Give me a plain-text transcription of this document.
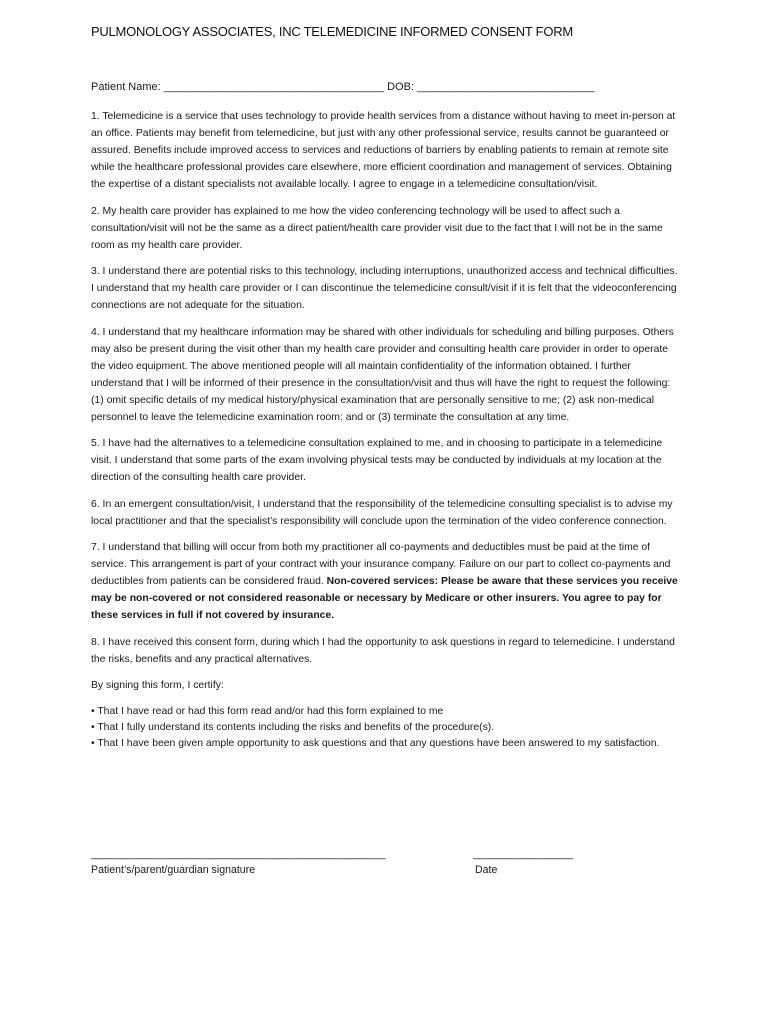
PULMONOLOGY ASSOCIATES, INC TELEMEDICINE INFORMED CONSENT FORM
Patient Name: ____________________________________ DOB: _____________________________

1. Telemedicine is a service that uses technology to provide health services from a distance without having to meet in-person at an office. Patients may benefit from telemedicine, but just with any other professional service, results cannot be guaranteed or assured. Benefits include improved access to services and reductions of barriers by enabling patients to remain at remote site while the healthcare professional provides care elsewhere, more efficient coordination and management of services. Obtaining the expertise of a distant specialists not available locally. I agree to engage in a telemedicine consultation/visit.

2. My health care provider has explained to me how the video conferencing technology will be used to affect such a consultation/visit will not be the same as a direct patient/health care provider visit due to the fact that I will not be in the same room as my health care provider.

3. I understand there are potential risks to this technology, including interruptions, unauthorized access and technical difficulties. I understand that my health care provider or I can discontinue the telemedicine consult/visit if it is felt that the videoconferencing connections are not adequate for the situation.

4. I understand that my healthcare information may be shared with other individuals for scheduling and billing purposes. Others may also be present during the visit other than my health care provider and consulting health care provider in order to operate the video equipment. The above mentioned people will all maintain confidentiality of the information obtained. I further understand that I will be informed of their presence in the consultation/visit and thus will have the right to request the following: (1) omit specific details of my medical history/physical examination that are personally sensitive to me; (2) ask non-medical personnel to leave the telemedicine examination room: and or (3) terminate the consultation at any time.

5. I have had the alternatives to a telemedicine consultation explained to me, and in choosing to participate in a telemedicine visit. I understand that some parts of the exam involving physical tests may be conducted by individuals at my location at the direction of the consulting health care provider.

6. In an emergent consultation/visit, I understand that the responsibility of the telemedicine consulting specialist is to advise my local practitioner and that the specialist’s responsibility will conclude upon the termination of the video conference connection.

7. I understand that billing will occur from both my practitioner all co-payments and deductibles must be paid at the time of service. This arrangement is part of your contract with your insurance company. Failure on our part to collect co-payments and deductibles from patients can be considered fraud. Non-covered services: Please be aware that these services you receive may be non-covered or not considered reasonable or necessary by Medicare or other insurers. You agree to pay for these services in full if not covered by insurance.

8. I have received this consent form, during which I had the opportunity to ask questions in regard to telemedicine. I understand the risks, benefits and any practical alternatives.

By signing this form, I certify:

• That I have read or had this form read and/or had this form explained to me
• That I fully understand its contents including the risks and benefits of the procedure(s).
• That I have been given ample opportunity to ask questions and that any questions have been answered to my satisfaction.
__________________________________________________	_________________
Patient’s/parent/guardian signature	Date
